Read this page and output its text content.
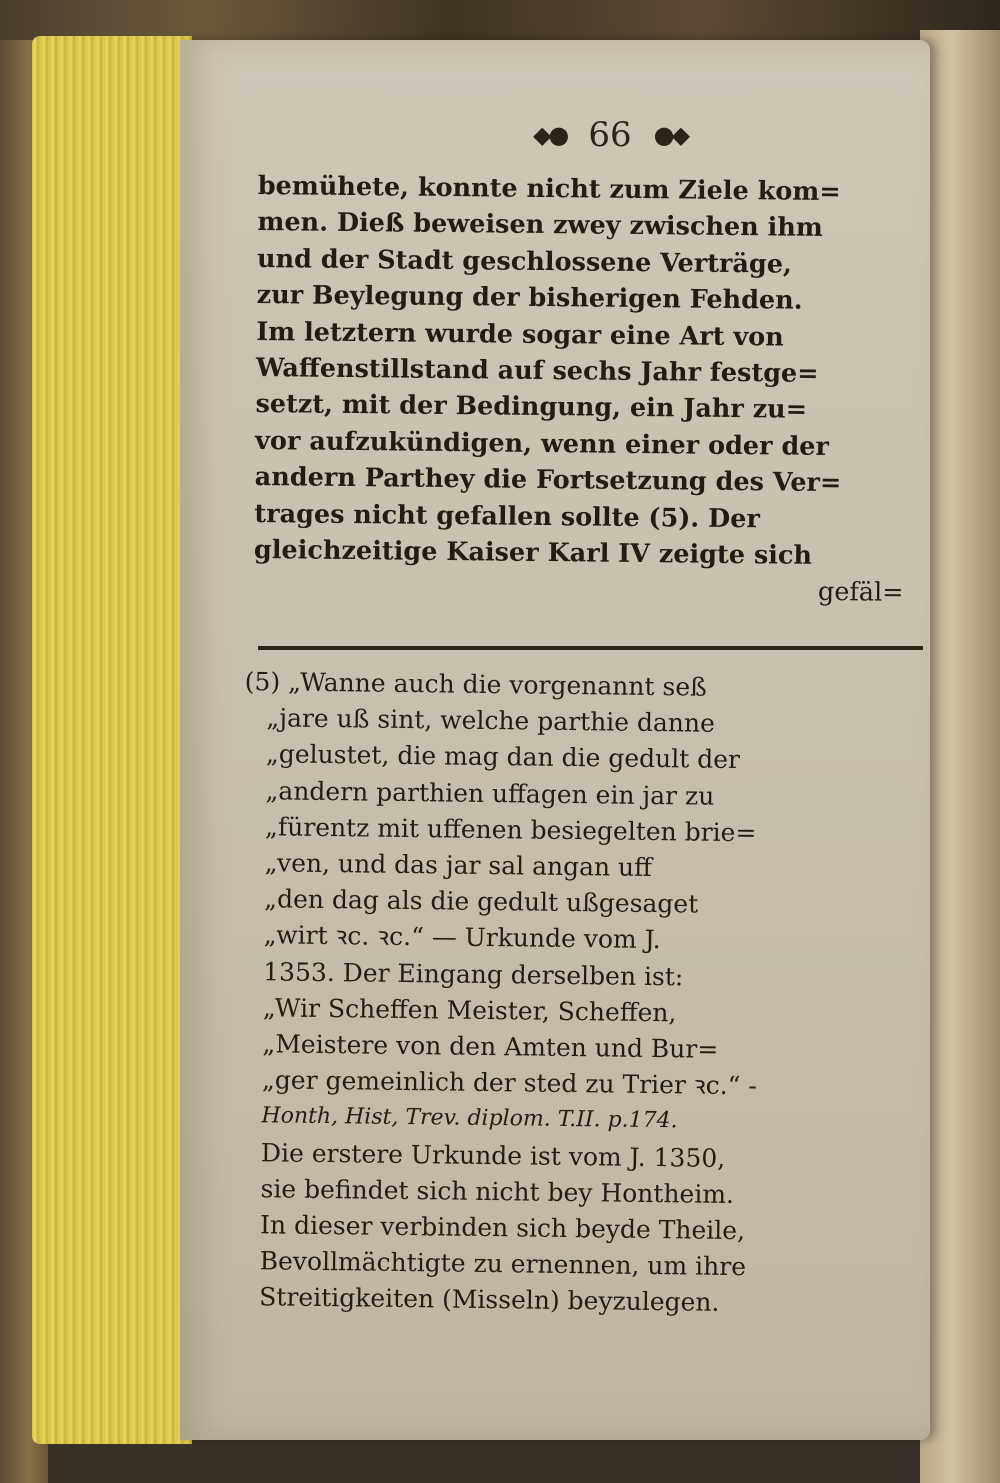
◆● 66 ●◆
bemühete, konnte nicht zum Ziele kom=
men. Dieß beweisen zwey zwischen ihm
und der Stadt geschlossene Verträge,
zur Beylegung der bisherigen Fehden.
Im letztern wurde sogar eine Art von
Waffenstillstand auf sechs Jahr festge=
setzt, mit der Bedingung, ein Jahr zu=
vor aufzukündigen, wenn einer oder der
andern Parthey die Fortsetzung des Ver=
trages nicht gefallen sollte (5). Der
gleichzeitige Kaiser Karl IV zeigte sich
gefäl=
(5) „Wanne auch die vorgenannt seß
„jare uß sint, welche parthie danne
„gelustet, die mag dan die gedult der
„andern parthien uffagen ein jar zu
„fürentz mit uffenen besiegelten brie=
„ven, und das jar sal angan uff
„den dag als die gedult ußgesaget
„wirt ꝛc. ꝛc.“ — Urkunde vom J.
1353. Der Eingang derselben ist:
„Wir Scheffen Meister, Scheffen,
„Meistere von den Amten und Bur=
„ger gemeinlich der sted zu Trier ꝛc.“ -
Honth, Hist, Trev. diplom. T.II. p.174.
Die erstere Urkunde ist vom J. 1350,
sie befindet sich nicht bey Hontheim.
In dieser verbinden sich beyde Theile,
Bevollmächtigte zu ernennen, um ihre
Streitigkeiten (Misseln) beyzulegen.
